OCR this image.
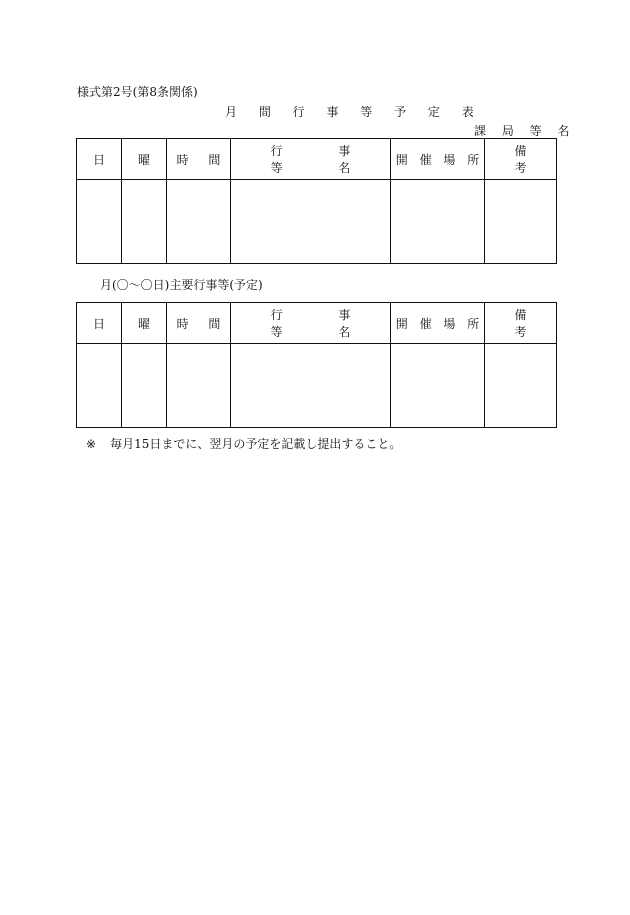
様式第2号(第8条関係)
月 間 行 事 等 予 定 表
課 局 等 名
日	曜	時 間	行 事 等 名	開 催 場 所	備 考

月(〇～〇日)主要行事等(予定)
日	曜	時 間	行 事 等 名	開 催 場 所	備 考

※ 毎月15日までに、翌月の予定を記載し提出すること。
